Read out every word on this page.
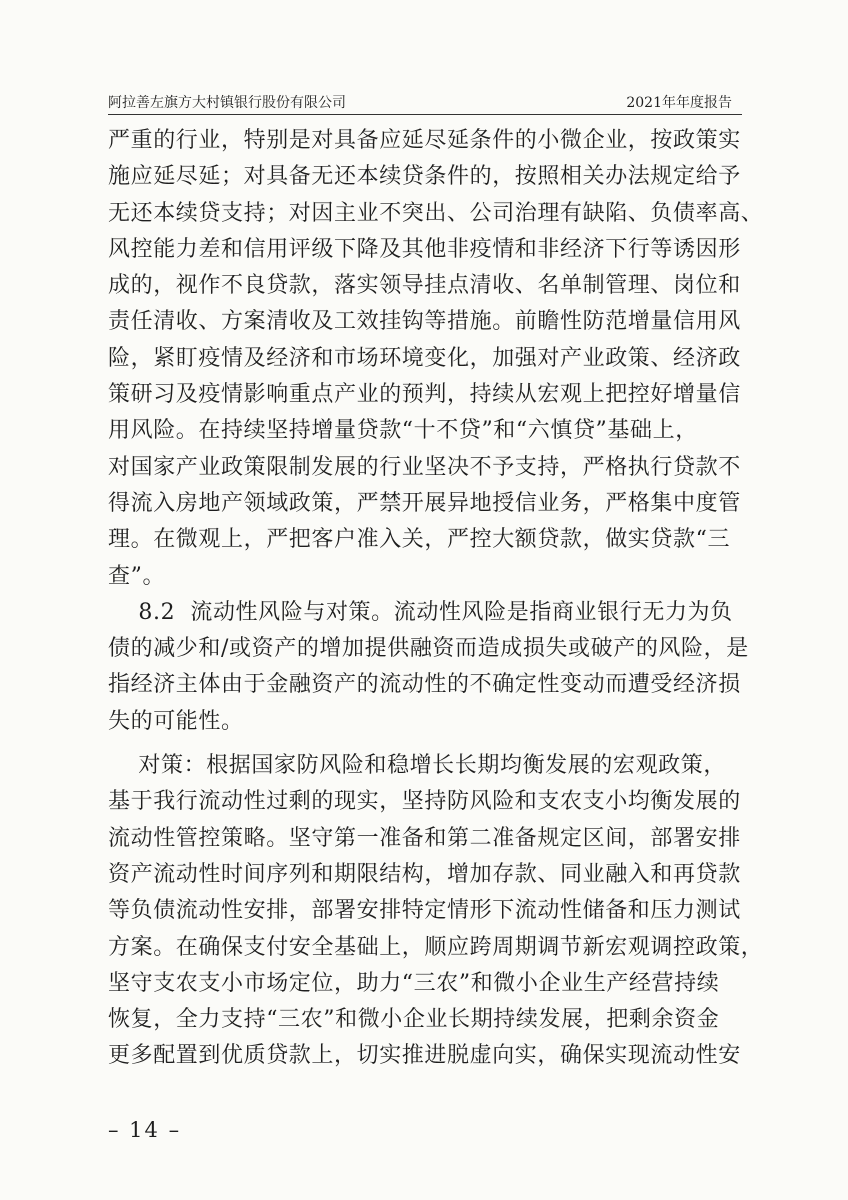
阿拉善左旗方大村镇银行股份有限公司	2021年年度报告
严重的行业，特别是对具备应延尽延条件的小微企业，按政策实
施应延尽延；对具备无还本续贷条件的，按照相关办法规定给予
无还本续贷支持；对因主业不突出、公司治理有缺陷、负债率高、
风控能力差和信用评级下降及其他非疫情和非经济下行等诱因形
成的，视作不良贷款，落实领导挂点清收、名单制管理、岗位和
责任清收、方案清收及工效挂钩等措施。前瞻性防范增量信用风
险，紧盯疫情及经济和市场环境变化，加强对产业政策、经济政
策研习及疫情影响重点产业的预判，持续从宏观上把控好增量信
用风险。在持续坚持增量贷款“十不贷”和“六慎贷”基础上，
对国家产业政策限制发展的行业坚决不予支持，严格执行贷款不
得流入房地产领域政策，严禁开展异地授信业务，严格集中度管
理。在微观上，严把客户准入关，严控大额贷款，做实贷款“三
查”。
8.2  流动性风险与对策。流动性风险是指商业银行无力为负
债的减少和/或资产的增加提供融资而造成损失或破产的风险，是
指经济主体由于金融资产的流动性的不确定性变动而遭受经济损
失的可能性。
对策：根据国家防风险和稳增长长期均衡发展的宏观政策，
基于我行流动性过剩的现实，坚持防风险和支农支小均衡发展的
流动性管控策略。坚守第一准备和第二准备规定区间，部署安排
资产流动性时间序列和期限结构，增加存款、同业融入和再贷款
等负债流动性安排，部署安排特定情形下流动性储备和压力测试
方案。在确保支付安全基础上，顺应跨周期调节新宏观调控政策，
坚守支农支小市场定位，助力“三农”和微小企业生产经营持续
恢复，全力支持“三农”和微小企业长期持续发展，把剩余资金
更多配置到优质贷款上，切实推进脱虚向实，确保实现流动性安
– 14 –
